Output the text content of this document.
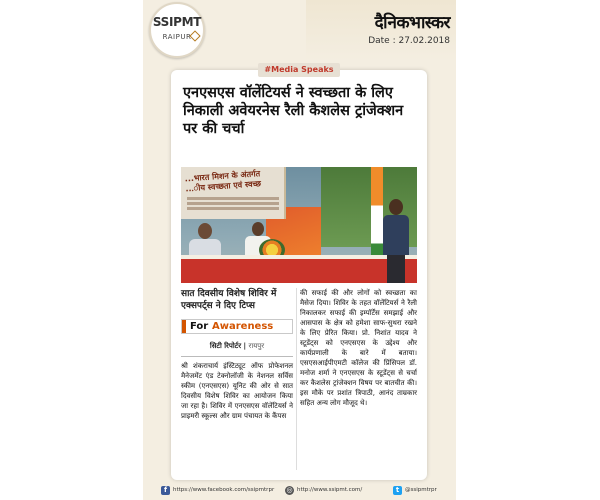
SSIPMT
RAIPUR
दैनिकभास्कर
Date : 27.02.2018
एनएसएस वॉलेंटियर्स ने स्वच्छता के लिए निकाली अवेयरनेस रैली कैशलेस ट्रांजेक्शन पर की चर्चा
...भारत मिशन के अंतर्गत ...ीय स्वच्छता एवं स्वच्छ
सात दिवसीय विशेष शिविर में एक्सपर्ट्स ने दिए टिप्स
For Awareness
सिटी रिपोर्टर | रायपुर
श्री शंकराचार्य इंस्टिट्यूट ऑफ प्रोफेशनल मैनेजमेंट एंड टेक्नोलॉजी के नेशनल सर्विस स्कीम (एनएसएस) यूनिट की ओर से सात दिवसीय विशेष शिविर का आयोजन किया जा रहा है। शिविर में एनएसएस वॉलेंटियर्स ने प्राइमरी स्कूल्स और ग्राम पंचायत के कैंपस
की सफाई की और लोगों को स्वच्छता का मैसेज दिया। शिविर के तहत वॉलेंटियर्स ने रैली निकालकर सफाई की इम्पॉर्टेंस समझाई और आसपास के क्षेत्र को हमेशा साफ-सुथरा रखने के लिए प्रेरित किया। प्रो. निशांत यादव ने स्टूडेंट्स को एनएसएस के उद्देश्य और कार्यप्रणाली के बारे में बताया। एसएसआईपीएमटी कॉलेज की प्रिंसिपल डॉ. मनोज शर्मा ने एनएसएस के स्टूडेंट्स से चर्चा कर कैशलेस ट्रांजेक्शन विषय पर बातचीत की। इस मौके पर प्रशांत त्रिपाठी, आनंद ताम्रकार सहित अन्य लोग मौजूद थे।
#Media Speaks
f	https://www.facebook.com/ssipmtrpr ◎ http://www.ssipmt.com/	t	@ssipmtrpr
